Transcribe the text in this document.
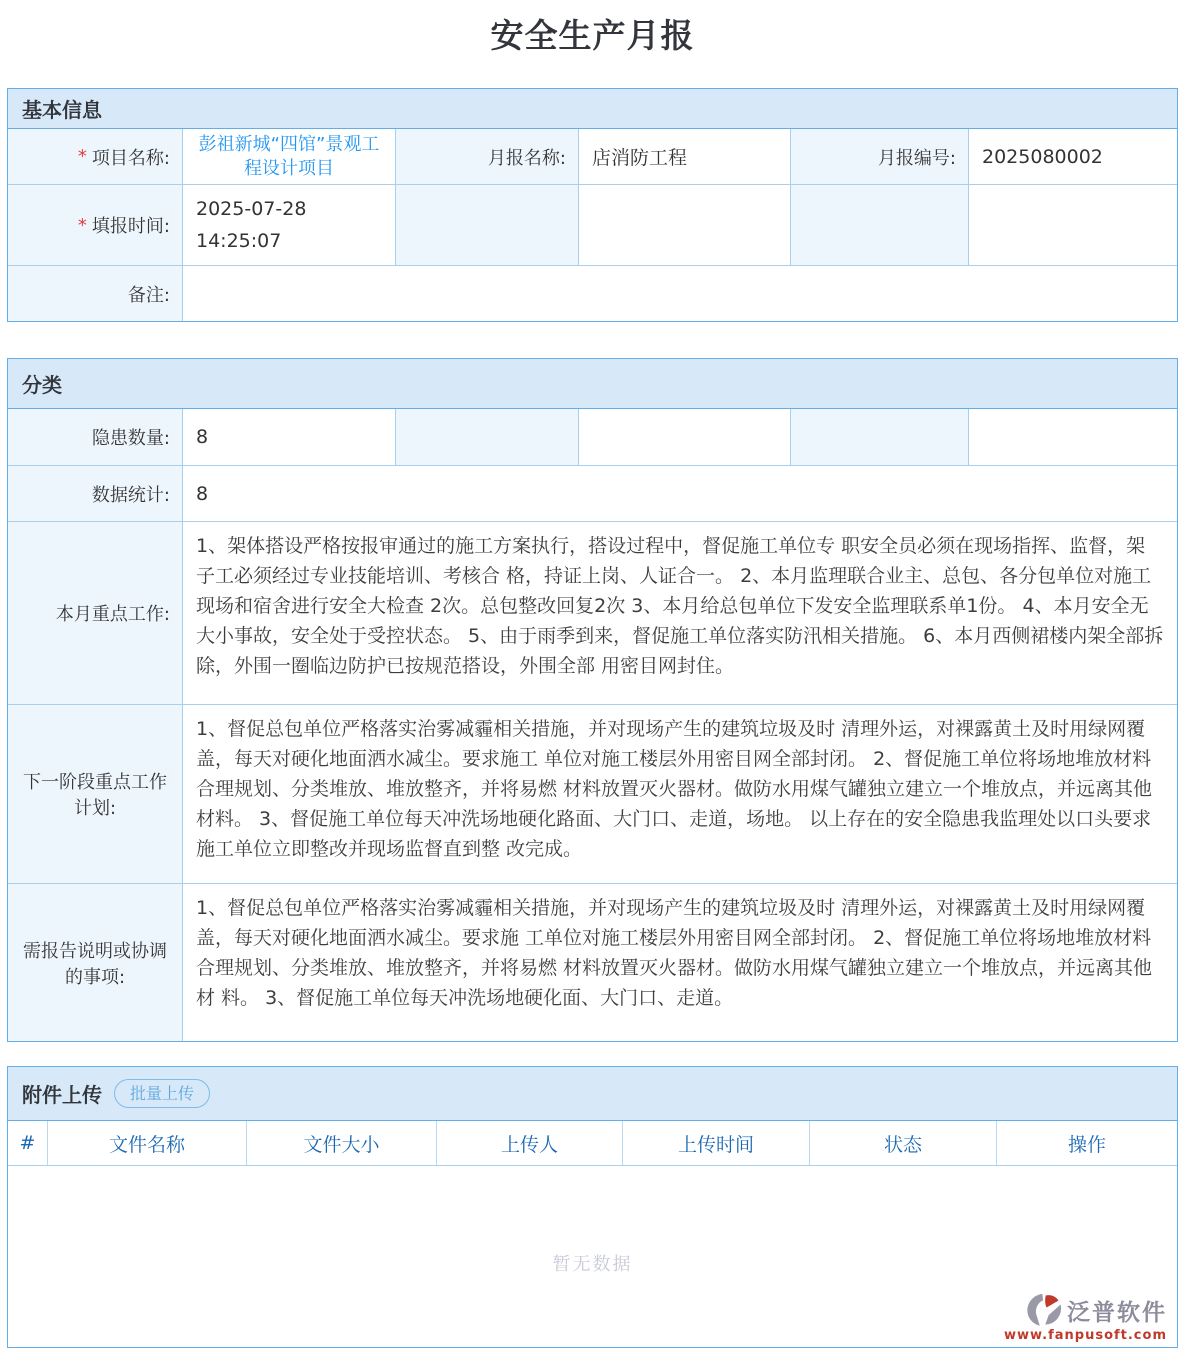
安全生产月报
基本信息
* 项目名称:
彭祖新城“四馆”景观工程设计项目	月报名称:	店消防工程	月报编号:	2025080002
* 填报时间:
2025-07-28
14:25:07
备注:
分类
隐患数量:	8
数据统计:	8
本月重点工作:
1、架体搭设严格按报审通过的施工方案执行，搭设过程中，督促施工单位专 职安全员必须在现场指挥、监督，架子工必须经过专业技能培训、考核合 格，持证上岗、人证合一。 2、本月监理联合业主、总包、各分包单位对施工现场和宿舍进行安全大检查 2次。总包整改回复2次 3、本月给总包单位下发安全监理联系单1份。 4、本月安全无大小事故，安全处于受控状态。 5、由于雨季到来，督促施工单位落实防汛相关措施。 6、本月西侧裙楼内架全部拆除，外围一圈临边防护已按规范搭设，外围全部 用密目网封住。
下一阶段重点工作计划:
1、督促总包单位严格落实治雾减霾相关措施，并对现场产生的建筑垃圾及时 清理外运，对裸露黄土及时用绿网覆盖，每天对硬化地面洒水减尘。要求施工 单位对施工楼层外用密目网全部封闭。 2、督促施工单位将场地堆放材料合理规划、分类堆放、堆放整齐，并将易燃 材料放置灭火器材。做防水用煤气罐独立建立一个堆放点，并远离其他材料。 3、督促施工单位每天冲洗场地硬化路面、大门口、走道，场地。 以上存在的安全隐患我监理处以口头要求施工单位立即整改并现场监督直到整 改完成。
需报告说明或协调的事项:
1、督促总包单位严格落实治雾减霾相关措施，并对现场产生的建筑垃圾及时 清理外运，对裸露黄土及时用绿网覆盖，每天对硬化地面洒水减尘。要求施 工单位对施工楼层外用密目网全部封闭。 2、督促施工单位将场地堆放材料合理规划、分类堆放、堆放整齐，并将易燃 材料放置灭火器材。做防水用煤气罐独立建立一个堆放点，并远离其他材 料。 3、督促施工单位每天冲洗场地硬化面、大门口、走道。
附件上传	批量上传
#	文件名称	文件大小	上传人	上传时间	状态	操作
暂无数据
泛普软件
www.fanpusoft.com
